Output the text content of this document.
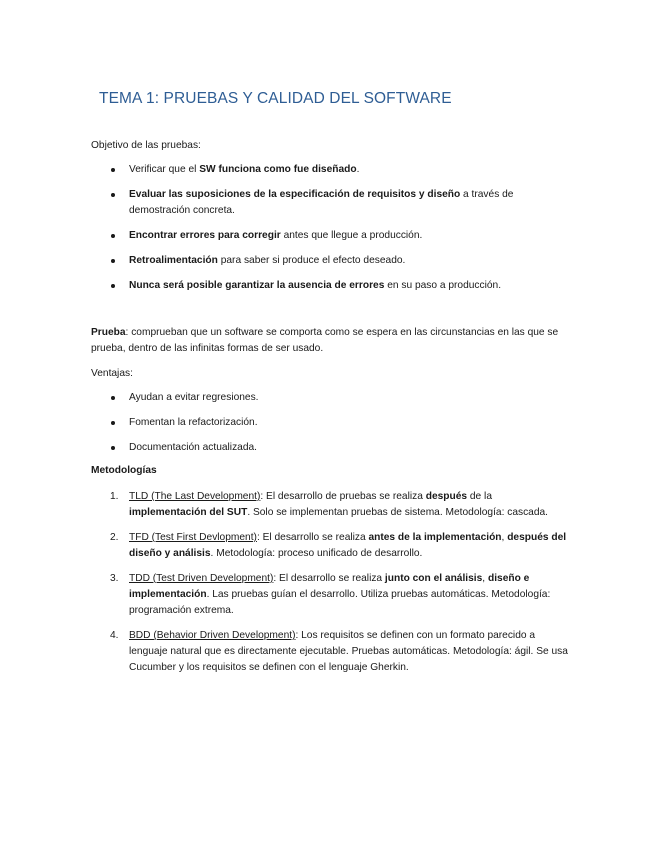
TEMA 1: PRUEBAS Y CALIDAD DEL SOFTWARE

Objetivo de las pruebas:

Verificar que el SW funciona como fue diseñado.
Evaluar las suposiciones de la especificación de requisitos y diseño a través de demostración concreta.
Encontrar errores para corregir antes que llegue a producción.
Retroalimentación para saber si produce el efecto deseado.
Nunca será posible garantizar la ausencia de errores en su paso a producción.

Prueba: comprueban que un software se comporta como se espera en las circunstancias en las que se prueba, dentro de las infinitas formas de ser usado.

Ventajas:

Ayudan a evitar regresiones.
Fomentan la refactorización.
Documentación actualizada.

Metodologías

1. TLD (The Last Development): El desarrollo de pruebas se realiza después de la implementación del SUT. Solo se implementan pruebas de sistema. Metodología: cascada.
2. TFD (Test First Devlopment): El desarrollo se realiza antes de la implementación, después del diseño y análisis. Metodología: proceso unificado de desarrollo.
3. TDD (Test Driven Development): El desarrollo se realiza junto con el análisis, diseño e implementación. Las pruebas guían el desarrollo. Utiliza pruebas automáticas. Metodología: programación extrema.
4. BDD (Behavior Driven Development): Los requisitos se definen con un formato parecido a lenguaje natural que es directamente ejecutable. Pruebas automáticas. Metodología: ágil. Se usa Cucumber y los requisitos se definen con el lenguaje Gherkin.
